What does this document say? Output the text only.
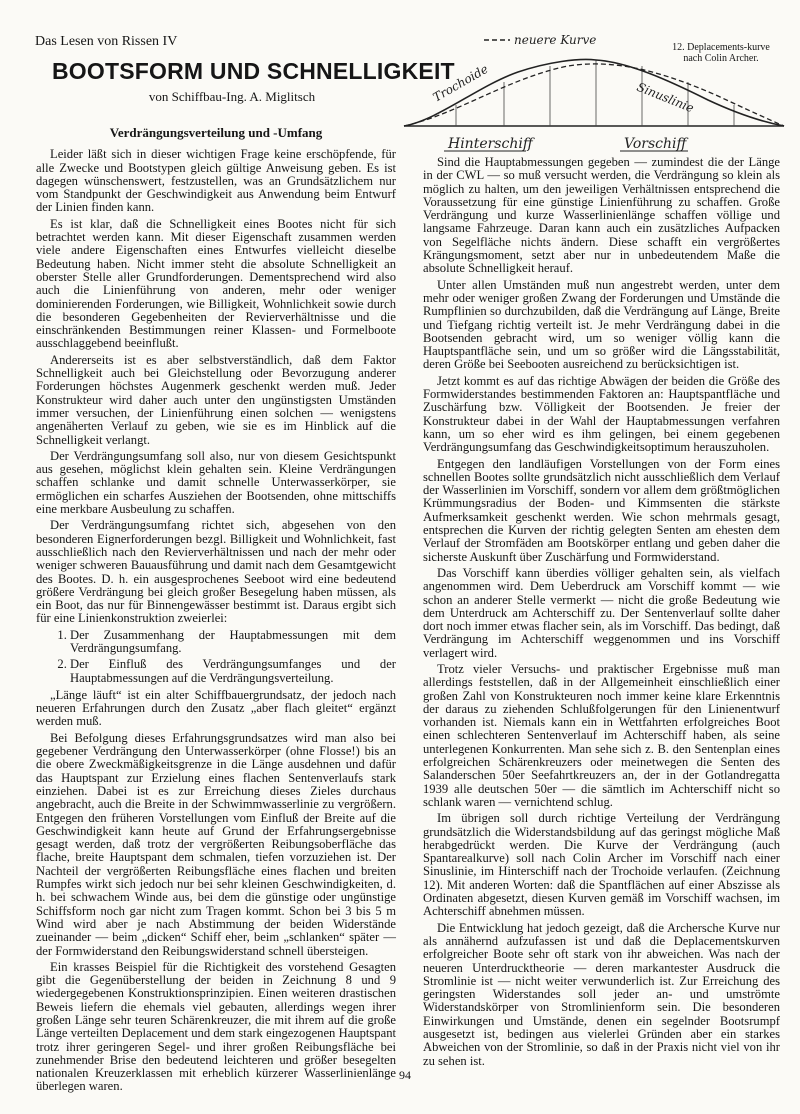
Das Lesen von Rissen IV
BOOTSFORM UND SCHNELLIGKEIT
von Schiffbau-Ing. A. Miglitsch
neuere Kurve
Trochoide	Sinuslinie
Hinterschiff	Vorschiff
12. Deplacements-kurve nach Colin Archer.

Verdrängungsverteilung und -Umfang

Leider läßt sich in dieser wichtigen Frage keine erschöpfende, für alle Zwecke und Bootstypen gleich gültige Anweisung geben. Es ist dagegen wünschenswert, festzustellen, was an Grundsätzlichem nur vom Standpunkt der Geschwindigkeit aus Anwendung beim Entwurf der Linien finden kann.

Es ist klar, daß die Schnelligkeit eines Bootes nicht für sich betrachtet werden kann. Mit dieser Eigenschaft zusammen werden viele andere Eigenschaften eines Entwurfes vielleicht dieselbe Bedeutung haben. Nicht immer steht die absolute Schnelligkeit an oberster Stelle aller Grundforderungen. Dementsprechend wird also auch die Linienführung von anderen, mehr oder weniger dominierenden Forderungen, wie Billigkeit, Wohnlichkeit sowie durch die besonderen Gegebenheiten der Revierverhältnisse und die einschränkenden Bestimmungen reiner Klassen- und Formelboote ausschlaggebend beeinflußt.

Andererseits ist es aber selbstverständlich, daß dem Faktor Schnelligkeit auch bei Gleichstellung oder Bevorzugung anderer Forderungen höchstes Augenmerk geschenkt werden muß. Jeder Konstrukteur wird daher auch unter den ungünstigsten Umständen immer versuchen, der Linienführung einen solchen — wenigstens angenäherten Verlauf zu geben, wie sie es im Hinblick auf die Schnelligkeit verlangt.

Der Verdrängungsumfang soll also, nur von diesem Gesichtspunkt aus gesehen, möglichst klein gehalten sein. Kleine Verdrängungen schaffen schlanke und damit schnelle Unterwasserkörper, sie ermöglichen ein scharfes Ausziehen der Bootsenden, ohne mittschiffs eine merkbare Ausbeulung zu schaffen.

Der Verdrängungsumfang richtet sich, abgesehen von den besonderen Eignerforderungen bezgl. Billigkeit und Wohnlichkeit, fast ausschließlich nach den Revierverhältnissen und nach der mehr oder weniger schweren Bauausführung und damit nach dem Gesamtgewicht des Bootes. D. h. ein ausgesprochenes Seeboot wird eine bedeutend größere Verdrängung bei gleich großer Besegelung haben müssen, als ein Boot, das nur für Binnengewässer bestimmt ist. Daraus ergibt sich für eine Linienkonstruktion zweierlei:

1. Der Zusammenhang der Hauptabmessungen mit dem Verdrängungsumfang.
2. Der Einfluß des Verdrängungsumfanges und der Hauptabmessungen auf die Verdrängungsverteilung.

„Länge läuft“ ist ein alter Schiffbauergrundsatz, der jedoch nach neueren Erfahrungen durch den Zusatz „aber flach gleitet“ ergänzt werden muß.

Bei Befolgung dieses Erfahrungsgrundsatzes wird man also bei gegebener Verdrängung den Unterwasserkörper (ohne Flosse!) bis an die obere Zweckmäßigkeitsgrenze in die Länge ausdehnen und dafür das Hauptspant zur Erzielung eines flachen Sentenverlaufs stark einziehen. Dabei ist es zur Erreichung dieses Zieles durchaus angebracht, auch die Breite in der Schwimmwasserlinie zu vergrößern. Entgegen den früheren Vorstellungen vom Einfluß der Breite auf die Geschwindigkeit kann heute auf Grund der Erfahrungsergebnisse gesagt werden, daß trotz der vergrößerten Reibungsoberfläche das flache, breite Hauptspant dem schmalen, tiefen vorzuziehen ist. Der Nachteil der vergrößerten Reibungsfläche eines flachen und breiten Rumpfes wirkt sich jedoch nur bei sehr kleinen Geschwindigkeiten, d. h. bei schwachem Winde aus, bei dem die günstige oder ungünstige Schiffsform noch gar nicht zum Tragen kommt. Schon bei 3 bis 5 m Wind wird aber je nach Abstimmung der beiden Widerstände zueinander — beim „dicken“ Schiff eher, beim „schlanken“ später — der Formwiderstand den Reibungswiderstand schnell übersteigen.

Ein krasses Beispiel für die Richtigkeit des vorstehend Gesagten gibt die Gegenüberstellung der beiden in Zeichnung 8 und 9 wiedergegebenen Konstruktionsprinzipien. Einen weiteren drastischen Beweis liefern die ehemals viel gebauten, allerdings wegen ihrer großen Länge sehr teuren Schärenkreuzer, die mit ihrem auf die große Länge verteilten Deplacement und dem stark eingezogenen Hauptspant trotz ihrer geringeren Segel- und ihrer großen Reibungsfläche bei zunehmender Brise den bedeutend leichteren und größer besegelten nationalen Kreuzerklassen mit erheblich kürzerer Wasserlinienlänge überlegen waren.

Sind die Hauptabmessungen gegeben — zumindest die der Länge in der CWL — so muß versucht werden, die Verdrängung so klein als möglich zu halten, um den jeweiligen Verhältnissen entsprechend die Voraussetzung für eine günstige Linienführung zu schaffen. Große Verdrängung und kurze Wasserlinienlänge schaffen völlige und langsame Fahrzeuge. Daran kann auch ein zusätzliches Aufpacken von Segelfläche nichts ändern. Diese schafft ein vergrößertes Krängungsmoment, setzt aber nur in unbedeutendem Maße die absolute Schnelligkeit herauf.

Unter allen Umständen muß nun angestrebt werden, unter dem mehr oder weniger großen Zwang der Forderungen und Umstände die Rumpflinien so durchzubilden, daß die Verdrängung auf Länge, Breite und Tiefgang richtig verteilt ist. Je mehr Verdrängung dabei in die Bootsenden gebracht wird, um so weniger völlig kann die Hauptspantfläche sein, und um so größer wird die Längsstabilität, deren Größe bei Seebooten ausreichend zu berücksichtigen ist.

Jetzt kommt es auf das richtige Abwägen der beiden die Größe des Formwiderstandes bestimmenden Faktoren an: Hauptspantfläche und Zuschärfung bzw. Völligkeit der Bootsenden. Je freier der Konstrukteur dabei in der Wahl der Hauptabmessungen verfahren kann, um so eher wird es ihm gelingen, bei einem gegebenen Verdrängungsumfang das Geschwindigkeitsoptimum herauszuholen.

Entgegen den landläufigen Vorstellungen von der Form eines schnellen Bootes sollte grundsätzlich nicht ausschließlich dem Verlauf der Wasserlinien im Vorschiff, sondern vor allem dem größtmöglichen Krümmungsradius der Boden- und Kimmsenten die stärkste Aufmerksamkeit geschenkt werden. Wie schon mehrmals gesagt, entsprechen die Kurven der richtig gelegten Senten am ehesten dem Verlauf der Stromfäden am Bootskörper entlang und geben daher die sicherste Auskunft über Zuschärfung und Formwiderstand.

Das Vorschiff kann überdies völliger gehalten sein, als vielfach angenommen wird. Dem Ueberdruck am Vorschiff kommt — wie schon an anderer Stelle vermerkt — nicht die große Bedeutung wie dem Unterdruck am Achterschiff zu. Der Sentenverlauf sollte daher dort noch immer etwas flacher sein, als im Vorschiff. Das bedingt, daß Verdrängung im Achterschiff weggenommen und ins Vorschiff verlagert wird.

Trotz vieler Versuchs- und praktischer Ergebnisse muß man allerdings feststellen, daß in der Allgemeinheit einschließlich einer großen Zahl von Konstrukteuren noch immer keine klare Erkenntnis der daraus zu ziehenden Schlußfolgerungen für den Linienentwurf vorhanden ist. Niemals kann ein in Wettfahrten erfolgreiches Boot einen schlechteren Sentenverlauf im Achterschiff haben, als seine unterlegenen Konkurrenten. Man sehe sich z. B. den Sentenplan eines erfolgreichen Schärenkreuzers oder meinetwegen die Senten des Salanderschen 50er Seefahrtkreuzers an, der in der Gotlandregatta 1939 alle deutschen 50er — die sämtlich im Achterschiff nicht so schlank waren — vernichtend schlug.

Im übrigen soll durch richtige Verteilung der Verdrängung grundsätzlich die Widerstandsbildung auf das geringst mögliche Maß herabgedrückt werden. Die Kurve der Verdrängung (auch Spantarealkurve) soll nach Colin Archer im Vorschiff nach einer Sinuslinie, im Hinterschiff nach der Trochoide verlaufen. (Zeichnung 12). Mit anderen Worten: daß die Spantflächen auf einer Abszisse als Ordinaten abgesetzt, diesen Kurven gemäß im Vorschiff wachsen, im Achterschiff abnehmen müssen.

Die Entwicklung hat jedoch gezeigt, daß die Archersche Kurve nur als annähernd aufzufassen ist und daß die Deplacementskurven erfolgreicher Boote sehr oft stark von ihr abweichen. Was nach der neueren Unterdrucktheorie — deren markantester Ausdruck die Stromlinie ist — nicht weiter verwunderlich ist. Zur Erreichung des geringsten Widerstandes soll jeder an- und umströmte Widerstandskörper von Stromlinienform sein. Die besonderen Einwirkungen und Umstände, denen ein segelnder Bootsrumpf ausgesetzt ist, bedingen aus vielerlei Gründen aber ein starkes Abweichen von der Stromlinie, so daß in der Praxis nicht viel von ihr zu sehen ist.

94
